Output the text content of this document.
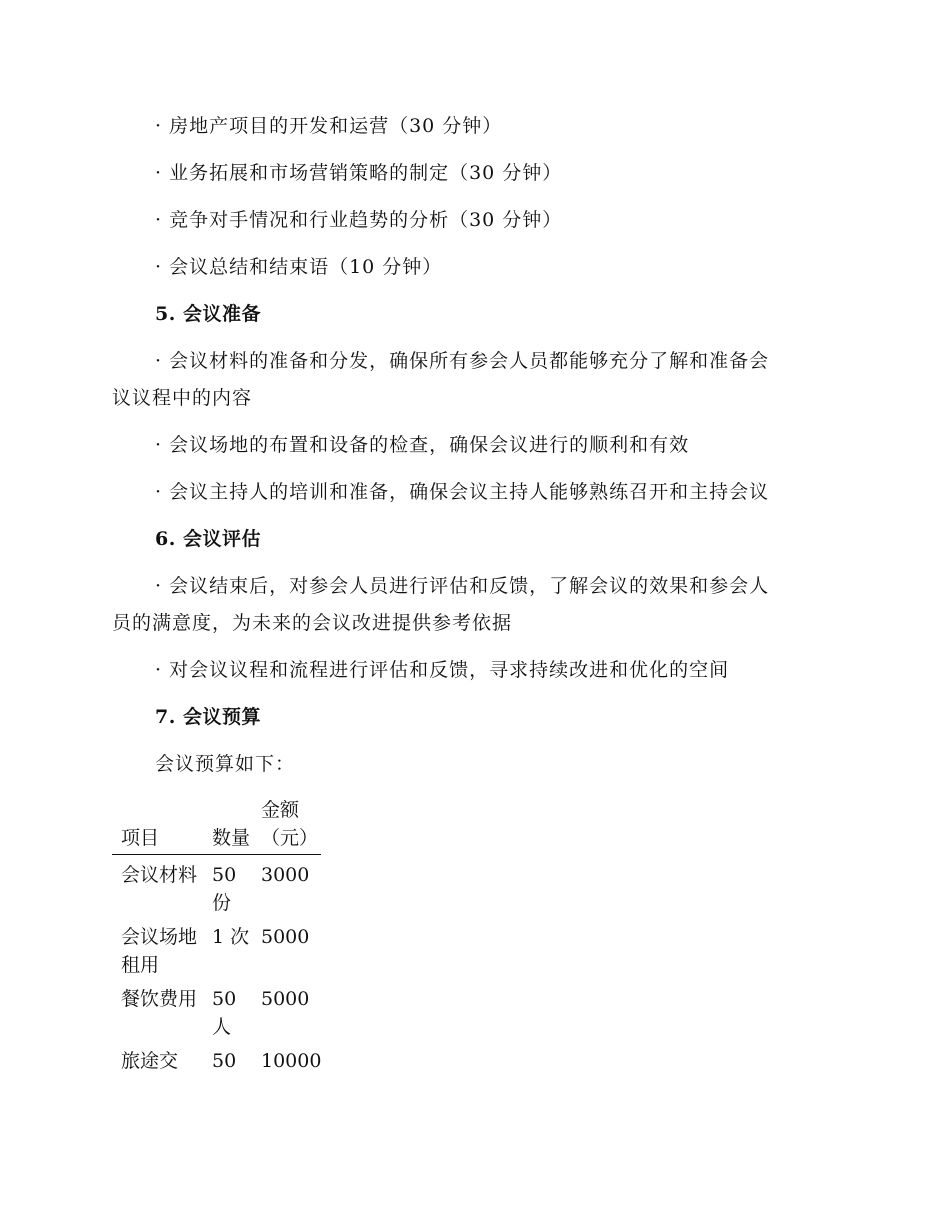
· 房地产项目的开发和运营（30 分钟）
· 业务拓展和市场营销策略的制定（30 分钟）
· 竞争对手情况和行业趋势的分析（30 分钟）
· 会议总结和结束语（10 分钟）
5. 会议准备
· 会议材料的准备和分发，确保所有参会人员都能够充分了解和准备会
议议程中的内容
· 会议场地的布置和设备的检查，确保会议进行的顺利和有效
· 会议主持人的培训和准备，确保会议主持人能够熟练召开和主持会议
6. 会议评估
· 会议结束后，对参会人员进行评估和反馈，了解会议的效果和参会人
员的满意度，为未来的会议改进提供参考依据
· 对会议议程和流程进行评估和反馈，寻求持续改进和优化的空间
7. 会议预算
会议预算如下：
项目	数量	金额（元）
会议材料	50 份	3000
会议场地租用	1 次	5000
餐饮费用	50 人	5000
旅途交	50	10000
